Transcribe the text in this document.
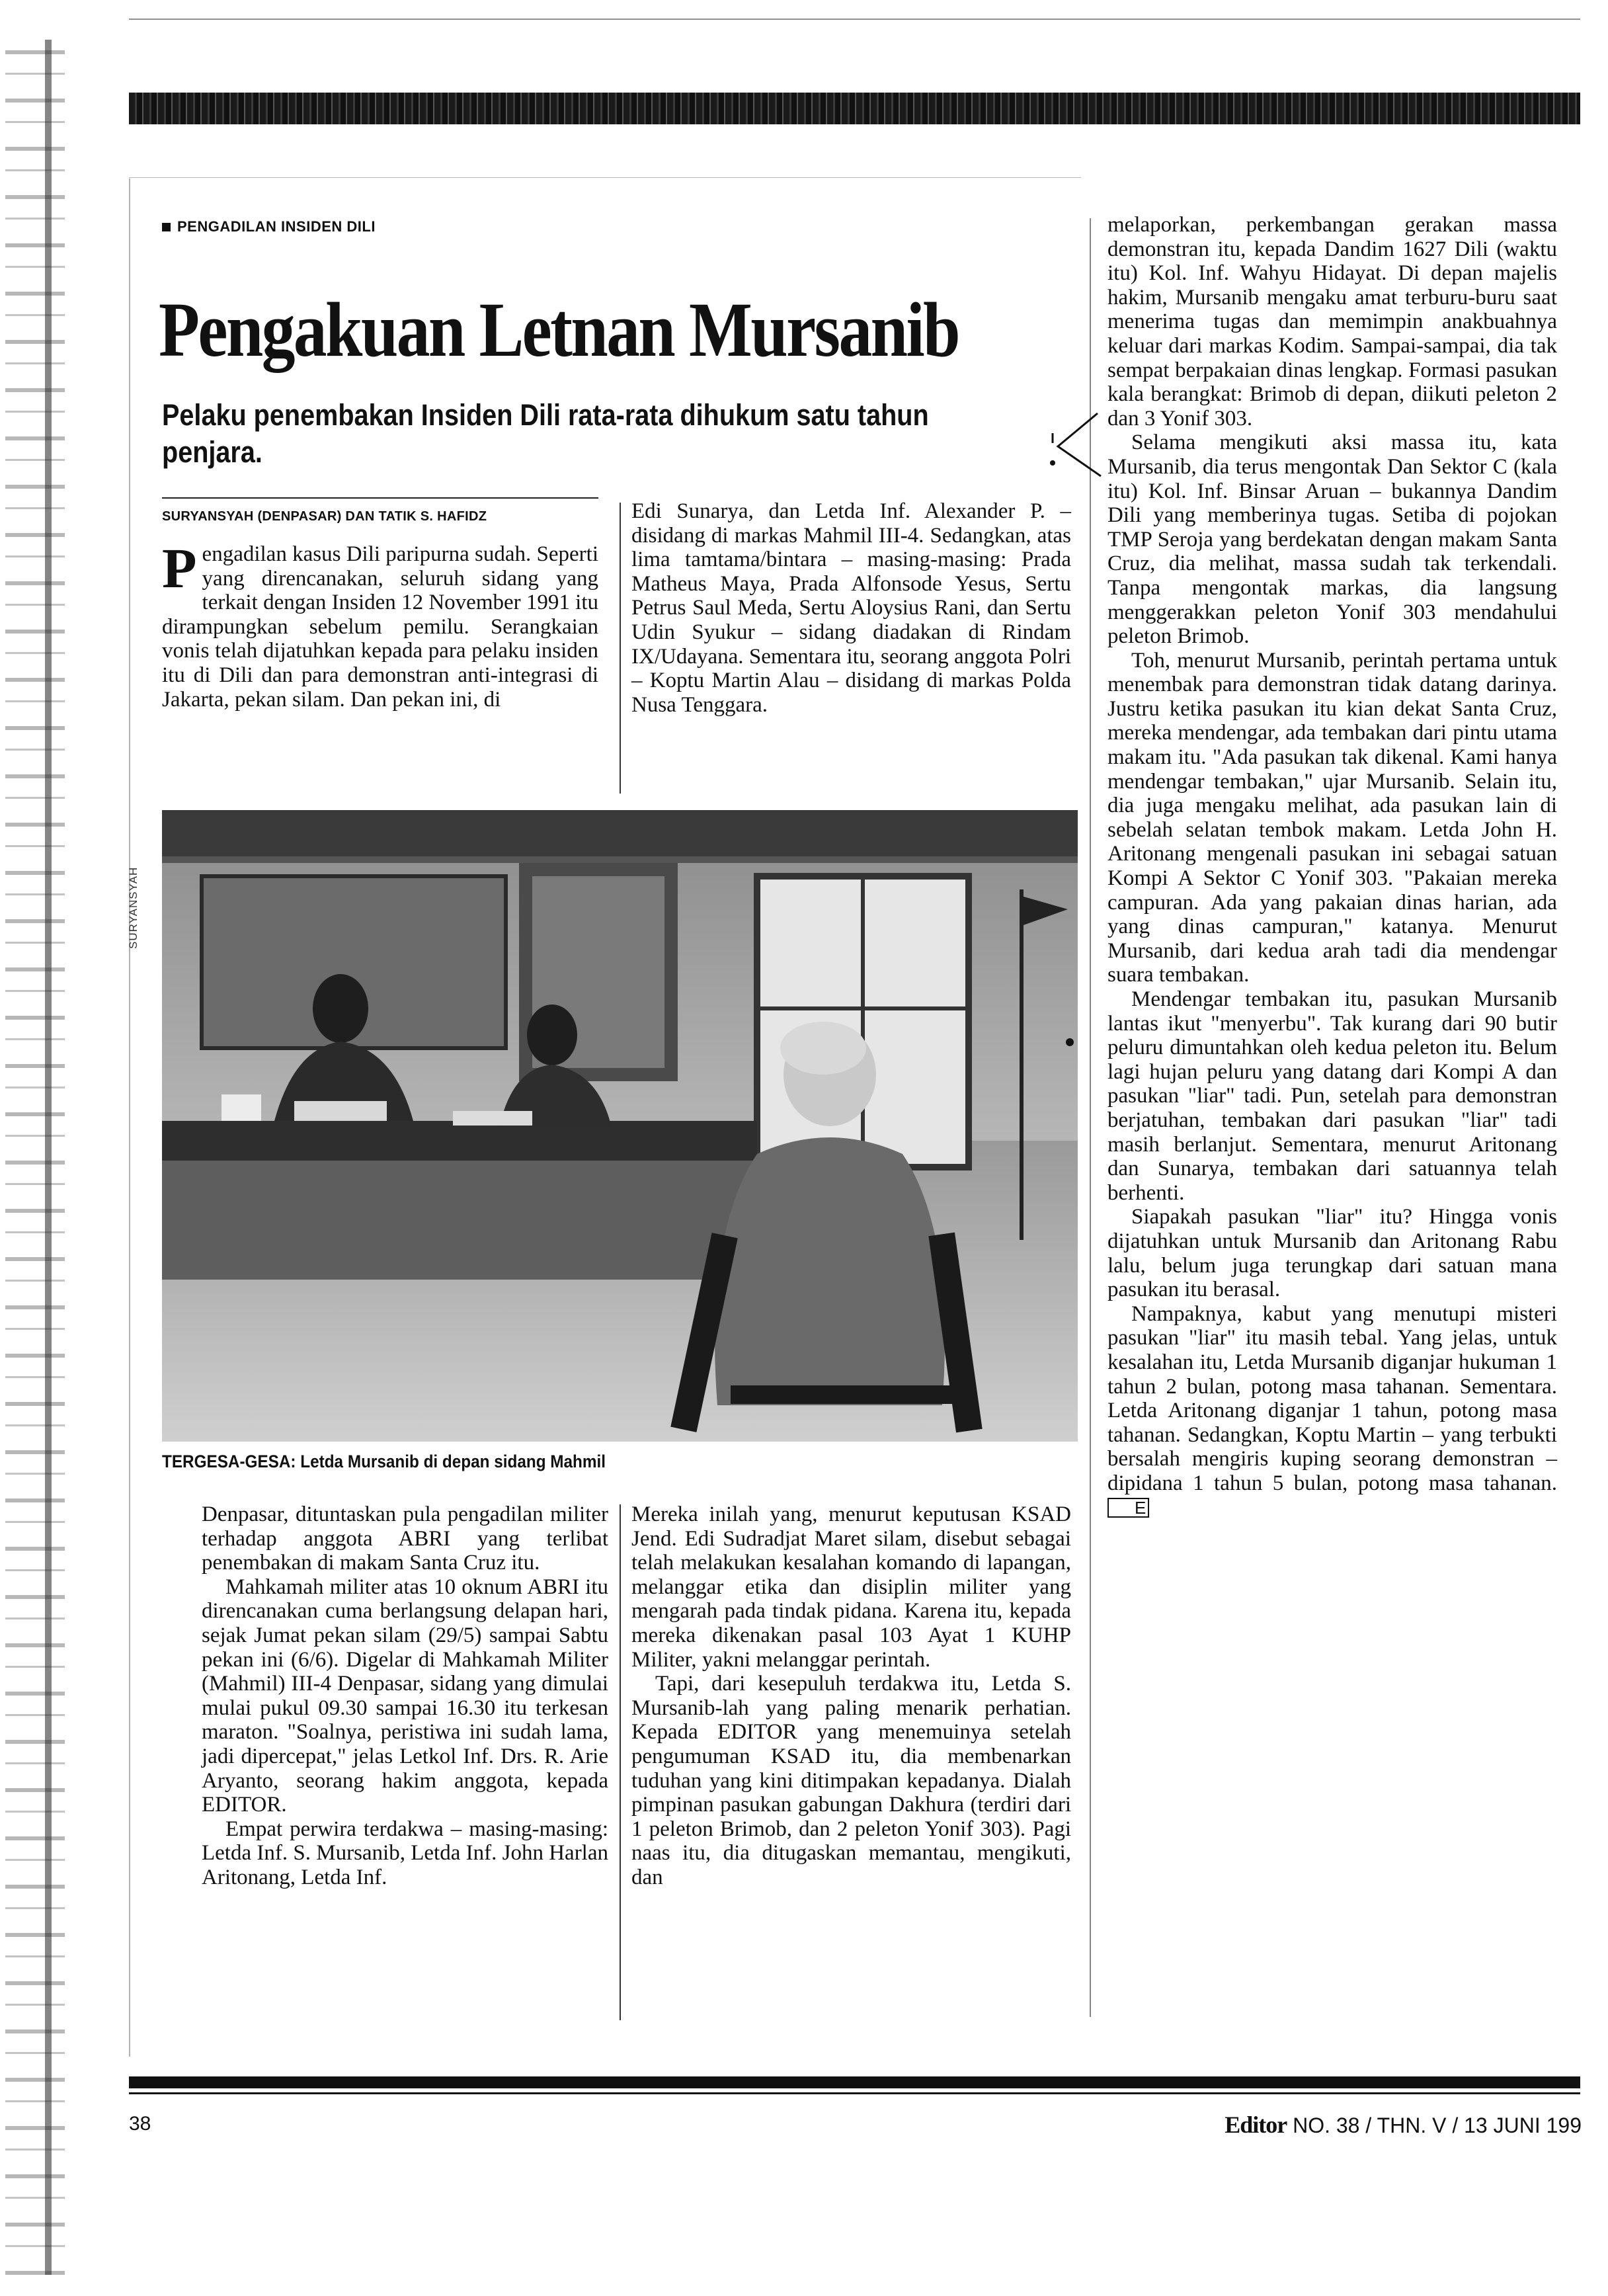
PENGADILAN INSIDEN DILI
Pengakuan Letnan Mursanib
Pelaku penembakan Insiden Dili rata-rata dihukum satu tahun penjara.
SURYANSYAH (DENPASAR) DAN TATIK S. HAFIDZ

Pengadilan kasus Dili paripurna sudah. Seperti yang direncanakan, seluruh sidang yang terkait dengan Insiden 12 November 1991 itu dirampungkan sebelum pemilu. Serangkaian vonis telah dijatuhkan kepada para pelaku insiden itu di Dili dan para demonstran anti-integrasi di Jakarta, pekan silam. Dan pekan ini, di

Edi Sunarya, dan Letda Inf. Alexander P. – disidang di markas Mahmil III-4. Sedangkan, atas lima tamtama/bintara – masing-masing: Prada Matheus Maya, Prada Alfonsode Yesus, Sertu Petrus Saul Meda, Sertu Aloysius Rani, dan Sertu Udin Syukur – sidang diadakan di Rindam IX/Udayana. Sementara itu, seorang anggota Polri – Koptu Martin Alau – disidang di markas Polda Nusa Tenggara.

SURYANSYAH
TERGESA-GESA: Letda Mursanib di depan sidang Mahmil

Denpasar, dituntaskan pula pengadilan militer terhadap anggota ABRI yang terlibat penembakan di makam Santa Cruz itu.

Mahkamah militer atas 10 oknum ABRI itu direncanakan cuma berlangsung delapan hari, sejak Jumat pekan silam (29/5) sampai Sabtu pekan ini (6/6). Digelar di Mahkamah Militer (Mahmil) III-4 Denpasar, sidang yang dimulai mulai pukul 09.30 sampai 16.30 itu terkesan maraton. "Soalnya, peristiwa ini sudah lama, jadi dipercepat," jelas Letkol Inf. Drs. R. Arie Aryanto, seorang hakim anggota, kepada EDITOR.

Empat perwira terdakwa – masing-masing: Letda Inf. S. Mursanib, Letda Inf. John Harlan Aritonang, Letda Inf.

Mereka inilah yang, menurut keputusan KSAD Jend. Edi Sudradjat Maret silam, disebut sebagai telah melakukan kesalahan komando di lapangan, melanggar etika dan disiplin militer yang mengarah pada tindak pidana. Karena itu, kepada mereka dikenakan pasal 103 Ayat 1 KUHP Militer, yakni melanggar perintah.

Tapi, dari kesepuluh terdakwa itu, Letda S. Mursanib-lah yang paling menarik perhatian. Kepada EDITOR yang menemuinya setelah pengumuman KSAD itu, dia membenarkan tuduhan yang kini ditimpakan kepadanya. Dialah pimpinan pasukan gabungan Dakhura (terdiri dari 1 peleton Brimob, dan 2 peleton Yonif 303). Pagi naas itu, dia ditugaskan memantau, mengikuti, dan

melaporkan, perkembangan gerakan massa demonstran itu, kepada Dandim 1627 Dili (waktu itu) Kol. Inf. Wahyu Hidayat. Di depan majelis hakim, Mursanib mengaku amat terburu-buru saat menerima tugas dan memimpin anakbuahnya keluar dari markas Kodim. Sampai-sampai, dia tak sempat berpakaian dinas lengkap. Formasi pasukan kala berangkat: Brimob di depan, diikuti peleton 2 dan 3 Yonif 303.

Selama mengikuti aksi massa itu, kata Mursanib, dia terus mengontak Dan Sektor C (kala itu) Kol. Inf. Binsar Aruan – bukannya Dandim Dili yang memberinya tugas. Setiba di pojokan TMP Seroja yang berdekatan dengan makam Santa Cruz, dia melihat, massa sudah tak terkendali. Tanpa mengontak markas, dia langsung menggerakkan peleton Yonif 303 mendahului peleton Brimob.

Toh, menurut Mursanib, perintah pertama untuk menembak para demonstran tidak datang darinya. Justru ketika pasukan itu kian dekat Santa Cruz, mereka mendengar, ada tembakan dari pintu utama makam itu. "Ada pasukan tak dikenal. Kami hanya mendengar tembakan," ujar Mursanib. Selain itu, dia juga mengaku melihat, ada pasukan lain di sebelah selatan tembok makam. Letda John H. Aritonang mengenali pasukan ini sebagai satuan Kompi A Sektor C Yonif 303. "Pakaian mereka campuran. Ada yang pakaian dinas harian, ada yang dinas campuran," katanya. Menurut Mursanib, dari kedua arah tadi dia mendengar suara tembakan.

Mendengar tembakan itu, pasukan Mursanib lantas ikut "menyerbu". Tak kurang dari 90 butir peluru dimuntahkan oleh kedua peleton itu. Belum lagi hujan peluru yang datang dari Kompi A dan pasukan "liar" tadi. Pun, setelah para demonstran berjatuhan, tembakan dari pasukan "liar" tadi masih berlanjut. Sementara, menurut Aritonang dan Sunarya, tembakan dari satuannya telah berhenti.

Siapakah pasukan "liar" itu? Hingga vonis dijatuhkan untuk Mursanib dan Aritonang Rabu lalu, belum juga terungkap dari satuan mana pasukan itu berasal.

Nampaknya, kabut yang menutupi misteri pasukan "liar" itu masih tebal. Yang jelas, untuk kesalahan itu, Letda Mursanib diganjar hukuman 1 tahun 2 bulan, potong masa tahanan. Sementara. Letda Aritonang diganjar 1 tahun, potong masa tahanan. Sedangkan, Koptu Martin – yang terbukti bersalah mengiris kuping seorang demonstran – dipidana 1 tahun 5 bulan, potong masa tahanan. E

38	Editor NO. 38 / THN. V / 13 JUNI 199
